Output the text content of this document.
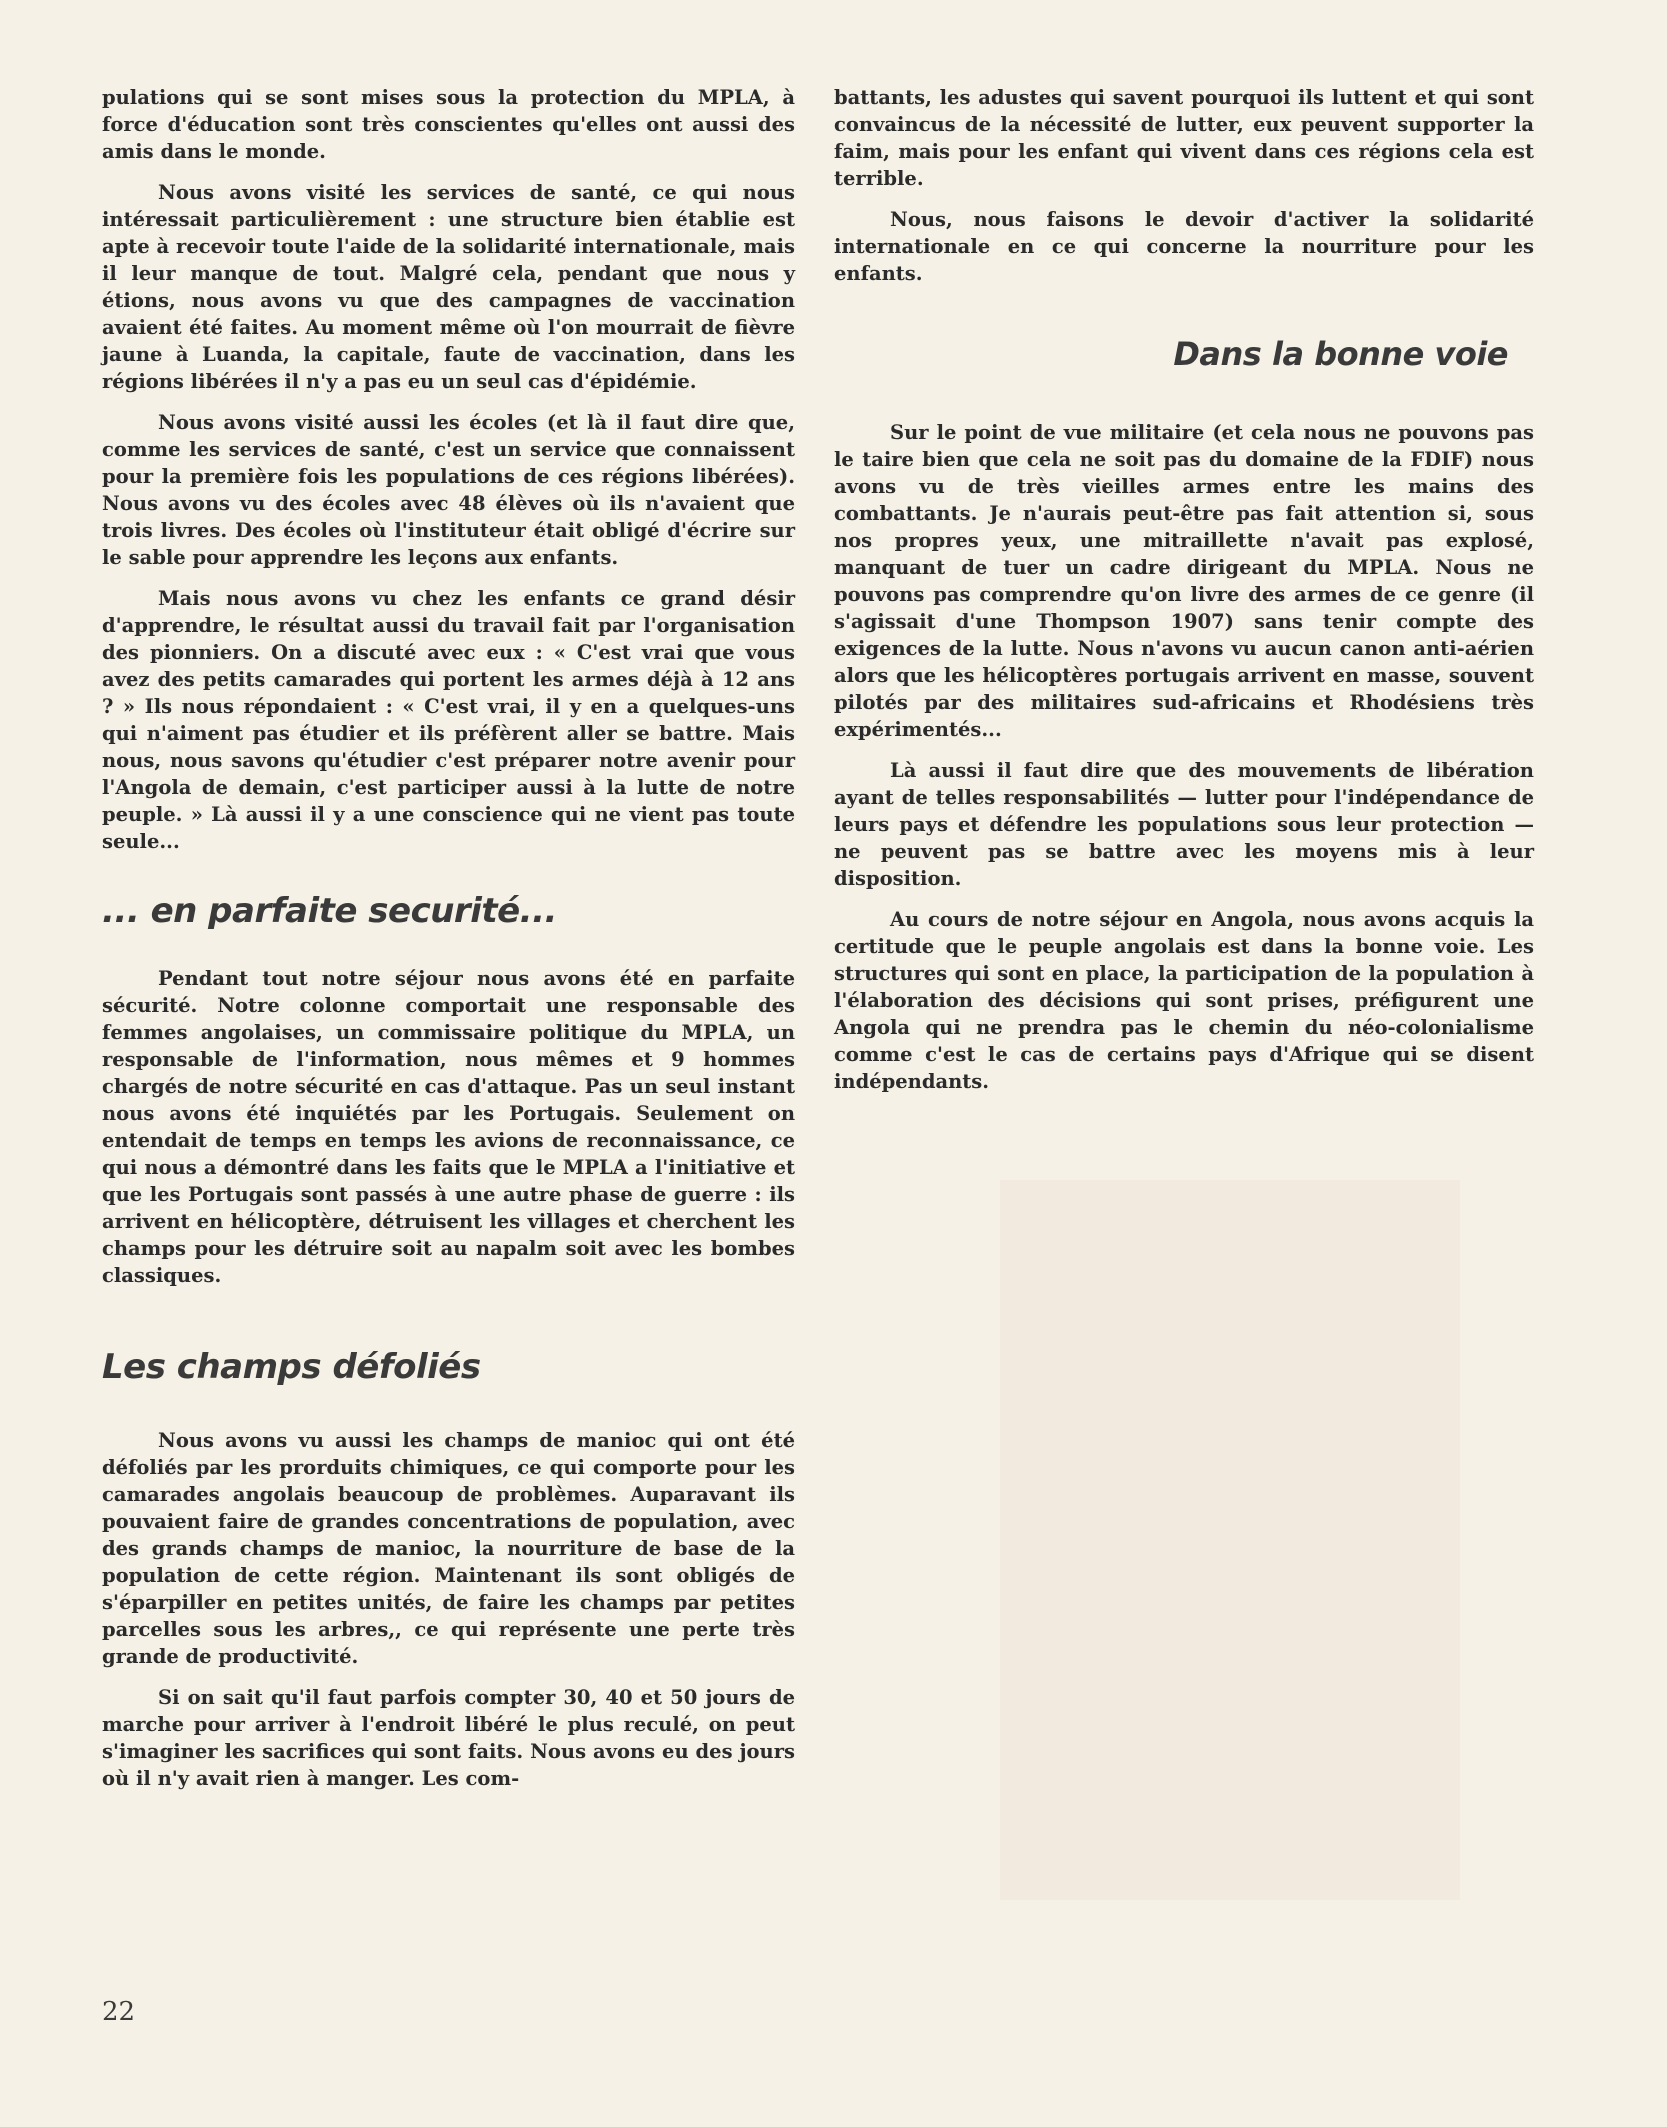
pulations qui se sont mises sous la protection du MPLA, à force d'éducation sont très conscientes qu'elles ont aussi des amis dans le monde.

Nous avons visité les services de santé, ce qui nous intéressait particulièrement : une structure bien établie est apte à recevoir toute l'aide de la solidarité internationale, mais il leur manque de tout. Malgré cela, pendant que nous y étions, nous avons vu que des campagnes de vaccination avaient été faites. Au moment même où l'on mourrait de fièvre jaune à Luanda, la capitale, faute de vaccination, dans les régions libérées il n'y a pas eu un seul cas d'épidémie.

Nous avons visité aussi les écoles (et là il faut dire que, comme les services de santé, c'est un service que connaissent pour la première fois les populations de ces régions libérées). Nous avons vu des écoles avec 48 élèves où ils n'avaient que trois livres. Des écoles où l'instituteur était obligé d'écrire sur le sable pour apprendre les leçons aux enfants.

Mais nous avons vu chez les enfants ce grand désir d'apprendre, le résultat aussi du travail fait par l'organisation des pionniers. On a discuté avec eux : « C'est vrai que vous avez des petits camarades qui portent les armes déjà à 12 ans ? » Ils nous répondaient : « C'est vrai, il y en a quelques-uns qui n'aiment pas étudier et ils préfèrent aller se battre. Mais nous, nous savons qu'étudier c'est préparer notre avenir pour l'Angola de demain, c'est participer aussi à la lutte de notre peuple. » Là aussi il y a une conscience qui ne vient pas toute seule...

... en parfaite securité...

Pendant tout notre séjour nous avons été en parfaite sécurité. Notre colonne comportait une responsable des femmes angolaises, un commissaire politique du MPLA, un responsable de l'information, nous mêmes et 9 hommes chargés de notre sécurité en cas d'attaque. Pas un seul instant nous avons été inquiétés par les Portugais. Seulement on entendait de temps en temps les avions de reconnaissance, ce qui nous a démontré dans les faits que le MPLA a l'initiative et que les Portugais sont passés à une autre phase de guerre : ils arrivent en hélicoptère, détruisent les villages et cherchent les champs pour les détruire soit au napalm soit avec les bombes classiques.

Les champs défoliés

Nous avons vu aussi les champs de manioc qui ont été défoliés par les prorduits chimiques, ce qui comporte pour les camarades angolais beaucoup de problèmes. Auparavant ils pouvaient faire de grandes concentrations de population, avec des grands champs de manioc, la nourriture de base de la population de cette région. Maintenant ils sont obligés de s'éparpiller en petites unités, de faire les champs par petites parcelles sous les arbres,, ce qui représente une perte très grande de productivité.

Si on sait qu'il faut parfois compter 30, 40 et 50 jours de marche pour arriver à l'endroit libéré le plus reculé, on peut s'imaginer les sacrifices qui sont faits. Nous avons eu des jours où il n'y avait rien à manger. Les com-

battants, les adustes qui savent pourquoi ils luttent et qui sont convaincus de la nécessité de lutter, eux peuvent supporter la faim, mais pour les enfant qui vivent dans ces régions cela est terrible.

Nous, nous faisons le devoir d'activer la solidarité internationale en ce qui concerne la nourriture pour les enfants.

Dans la bonne voie

Sur le point de vue militaire (et cela nous ne pouvons pas le taire bien que cela ne soit pas du domaine de la FDIF) nous avons vu de très vieilles armes entre les mains des combattants. Je n'aurais peut-être pas fait attention si, sous nos propres yeux, une mitraillette n'avait pas explosé, manquant de tuer un cadre dirigeant du MPLA. Nous ne pouvons pas comprendre qu'on livre des armes de ce genre (il s'agissait d'une Thompson 1907) sans tenir compte des exigences de la lutte. Nous n'avons vu aucun canon anti-aérien alors que les hélicoptères portugais arrivent en masse, souvent pilotés par des militaires sud-africains et Rhodésiens très expérimentés...

Là aussi il faut dire que des mouvements de libération ayant de telles responsabilités — lutter pour l'indépendance de leurs pays et défendre les populations sous leur protection — ne peuvent pas se battre avec les moyens mis à leur disposition.

Au cours de notre séjour en Angola, nous avons acquis la certitude que le peuple angolais est dans la bonne voie. Les structures qui sont en place, la participation de la population à l'élaboration des décisions qui sont prises, préfigurent une Angola qui ne prendra pas le chemin du néo-colonialisme comme c'est le cas de certains pays d'Afrique qui se disent indépendants.

22
